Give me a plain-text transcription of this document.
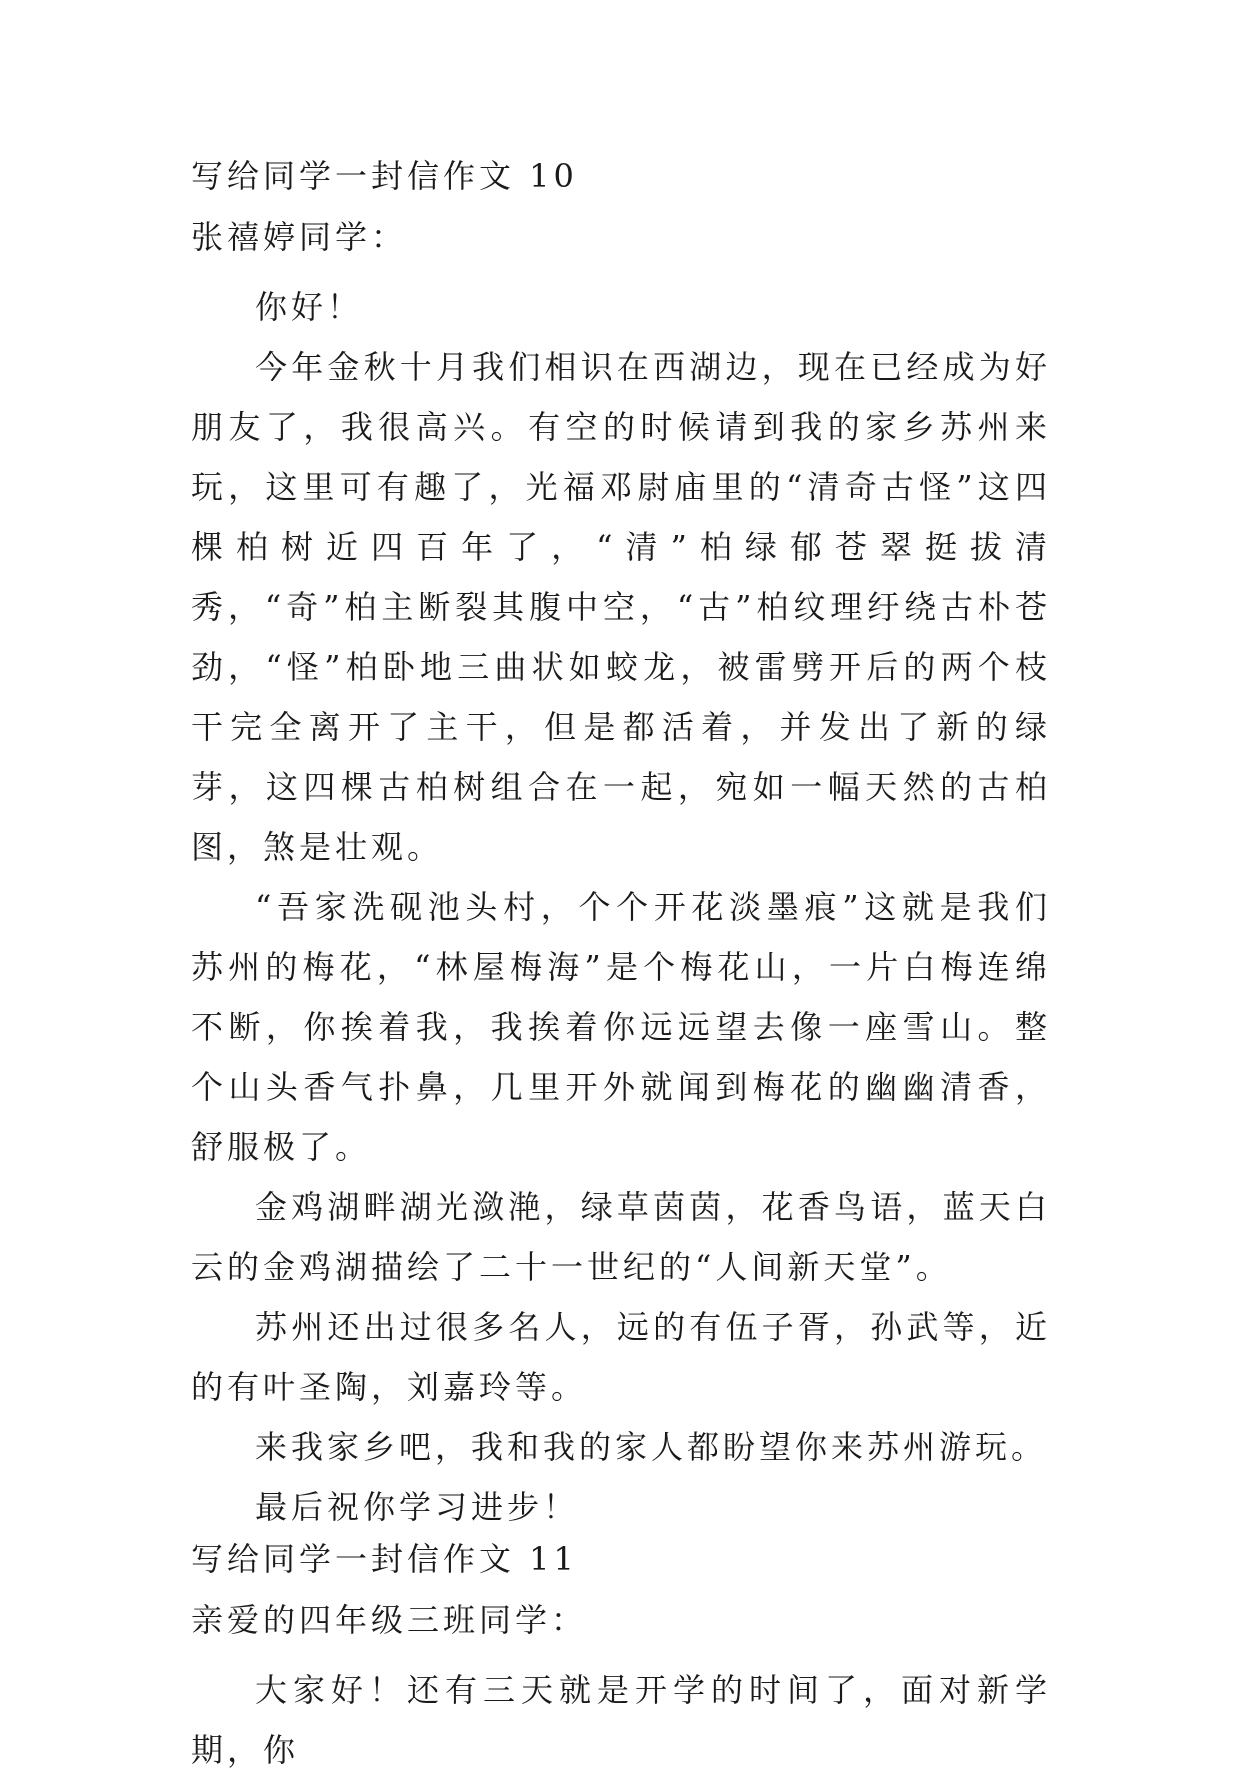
写给同学一封信作文 10
张禧婷同学：

你好！

今年金秋十月我们相识在西湖边，现在已经成为好朋友了，我很高兴。有空的时候请到我的家乡苏州来玩，这里可有趣了，光福邓尉庙里的“清奇古怪”这四棵柏树近四百年了，“清”柏绿郁苍翠挺拔清秀，“奇”柏主断裂其腹中空，“古”柏纹理纡绕古朴苍劲，“怪”柏卧地三曲状如蛟龙，被雷劈开后的两个枝干完全离开了主干，但是都活着，并发出了新的绿芽，这四棵古柏树组合在一起，宛如一幅天然的古柏图，煞是壮观。

“吾家洗砚池头村，个个开花淡墨痕”这就是我们苏州的梅花，“林屋梅海”是个梅花山，一片白梅连绵不断，你挨着我，我挨着你远远望去像一座雪山。整个山头香气扑鼻，几里开外就闻到梅花的幽幽清香，舒服极了。

金鸡湖畔湖光潋滟，绿草茵茵，花香鸟语，蓝天白云的金鸡湖描绘了二十一世纪的“人间新天堂”。

苏州还出过很多名人，远的有伍子胥，孙武等，近的有叶圣陶，刘嘉玲等。

来我家乡吧，我和我的家人都盼望你来苏州游玩。

最后祝你学习进步！

写给同学一封信作文 11
亲爱的四年级三班同学：

大家好！还有三天就是开学的时间了，面对新学期，你
